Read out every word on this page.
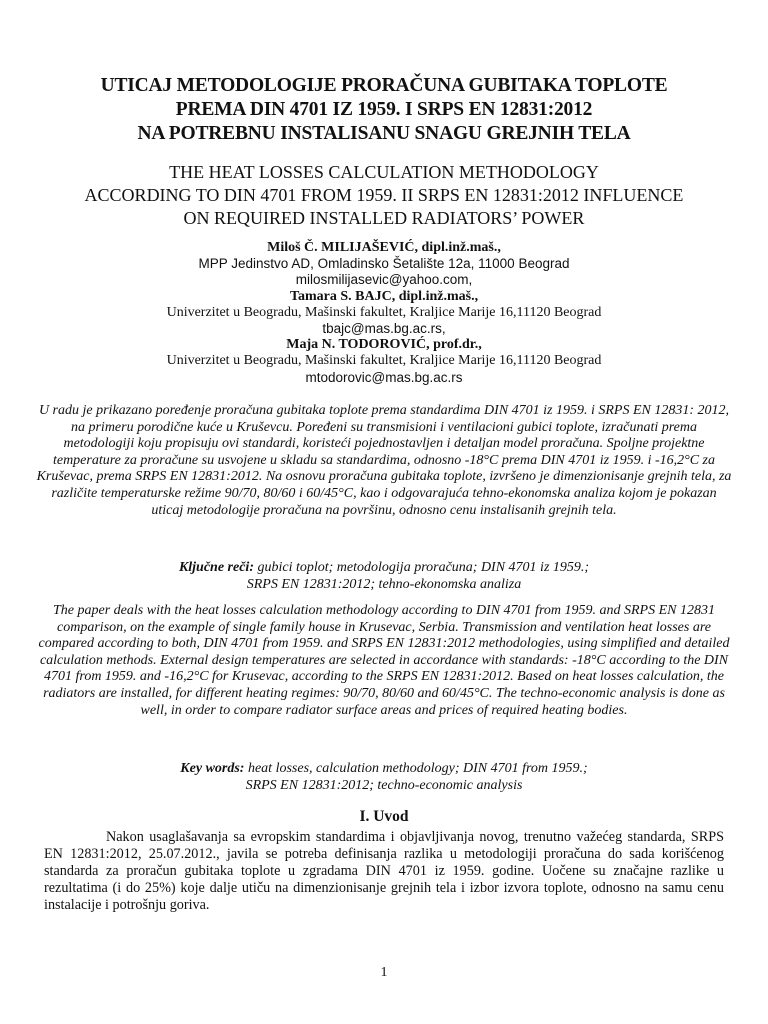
UTICAJ METODOLOGIJE PRORAČUNA GUBITAKA TOPLOTE
PREMA DIN 4701 IZ 1959. I SRPS EN 12831:2012
NA POTREBNU INSTALISANU SNAGU GREJNIH TELA
THE HEAT LOSSES CALCULATION METHODOLOGY
ACCORDING TO DIN 4701 FROM 1959. II SRPS EN 12831:2012 INFLUENCE
ON REQUIRED INSTALLED RADIATORS’ POWER
Miloš Č. MILIJAŠEVIĆ, dipl.inž.maš.,
MPP Jedinstvo AD, Omladinsko Šetalište 12a, 11000 Beograd
milosmilijasevic@yahoo.com,
Tamara S. BAJC, dipl.inž.maš.,
Univerzitet u Beogradu, Mašinski fakultet, Kraljice Marije 16,11120 Beograd
tbajc@mas.bg.ac.rs,
Maja N. TODOROVIĆ, prof.dr.,
Univerzitet u Beogradu, Mašinski fakultet, Kraljice Marije 16,11120 Beograd
mtodorovic@mas.bg.ac.rs
U radu je prikazano poređenje proračuna gubitaka toplote prema standardima DIN 4701 iz 1959. i SRPS EN 12831: 2012, na primeru porodične kuće u Kruševcu. Poređeni su transmisioni i ventilacioni gubici toplote, izračunati prema metodologiji koju propisuju ovi standardi, koristeći pojednostavljen i detaljan model proračuna. Spoljne projektne temperature za proračune su usvojene u skladu sa standardima, odnosno -18°C prema DIN 4701 iz 1959. i -16,2°C za Kruševac, prema SRPS EN 12831:2012. Na osnovu proračuna gubitaka toplote, izvršeno je dimenzionisanje grejnih tela, za različite temperaturske režime 90/70, 80/60 i 60/45°C, kao i odgovarajuća tehno-ekonomska analiza kojom je pokazan uticaj metodologije proračuna na površinu, odnosno cenu instalisanih grejnih tela.
Ključne reči: gubici toplot; metodologija proračuna; DIN 4701 iz 1959.;
SRPS EN 12831:2012; tehno-ekonomska analiza
The paper deals with the heat losses calculation methodology according to DIN 4701 from 1959. and SRPS EN 12831 comparison, on the example of single family house in Krusevac, Serbia. Transmission and ventilation heat losses are compared according to both, DIN 4701 from 1959. and SRPS EN 12831:2012 methodologies, using simplified and detailed calculation methods. External design temperatures are selected in accordance with standards: -18°C according to the DIN 4701 from 1959. and -16,2°C for Krusevac, according to the SRPS EN 12831:2012. Based on heat losses calculation, the radiators are installed, for different heating regimes: 90/70, 80/60 and 60/45°C. The techno-economic analysis is done as well, in order to compare radiator surface areas and prices of required heating bodies.
Key words: heat losses, calculation methodology; DIN 4701 from 1959.;
SRPS EN 12831:2012; techno-economic analysis
I. Uvod
Nakon usaglašavanja sa evropskim standardima i objavljivanja novog, trenutno važećeg standarda, SRPS EN 12831:2012, 25.07.2012., javila se potreba definisanja razlika u metodologiji proračuna do sada korišćenog standarda za proračun gubitaka toplote u zgradama DIN 4701 iz 1959. godine. Uočene su značajne razlike u rezultatima (i do 25%) koje dalje utiču na dimenzionisanje grejnih tela i izbor izvora toplote, odnosno na samu cenu instalacije i potrošnju goriva.
1
